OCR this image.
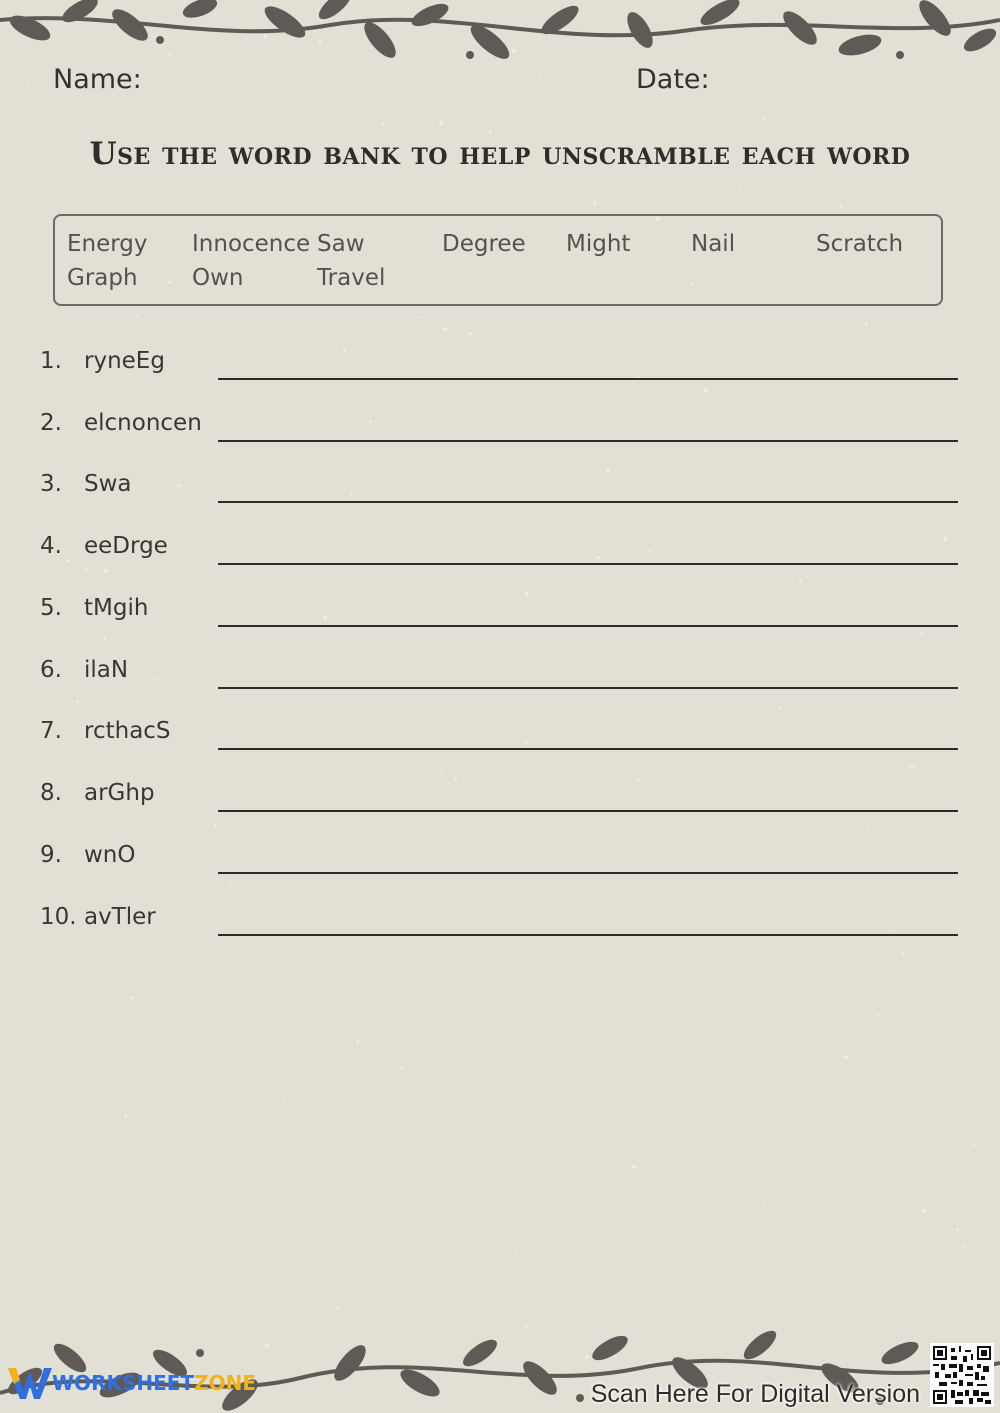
Name:	Date:
Use the word bank to help unscramble each word
Energy Innocence Saw	Degree Might	Nail	Scratch
Graph Own	Travel
1. ryneEg
2. elcnoncen
3. Swa
4. eeDrge
5. tMgih
6. ilaN
7. rcthacS
8. arGhp
9. wnO
10. avTler
WORKSHEET ZONE	Scan Here For Digital Version
